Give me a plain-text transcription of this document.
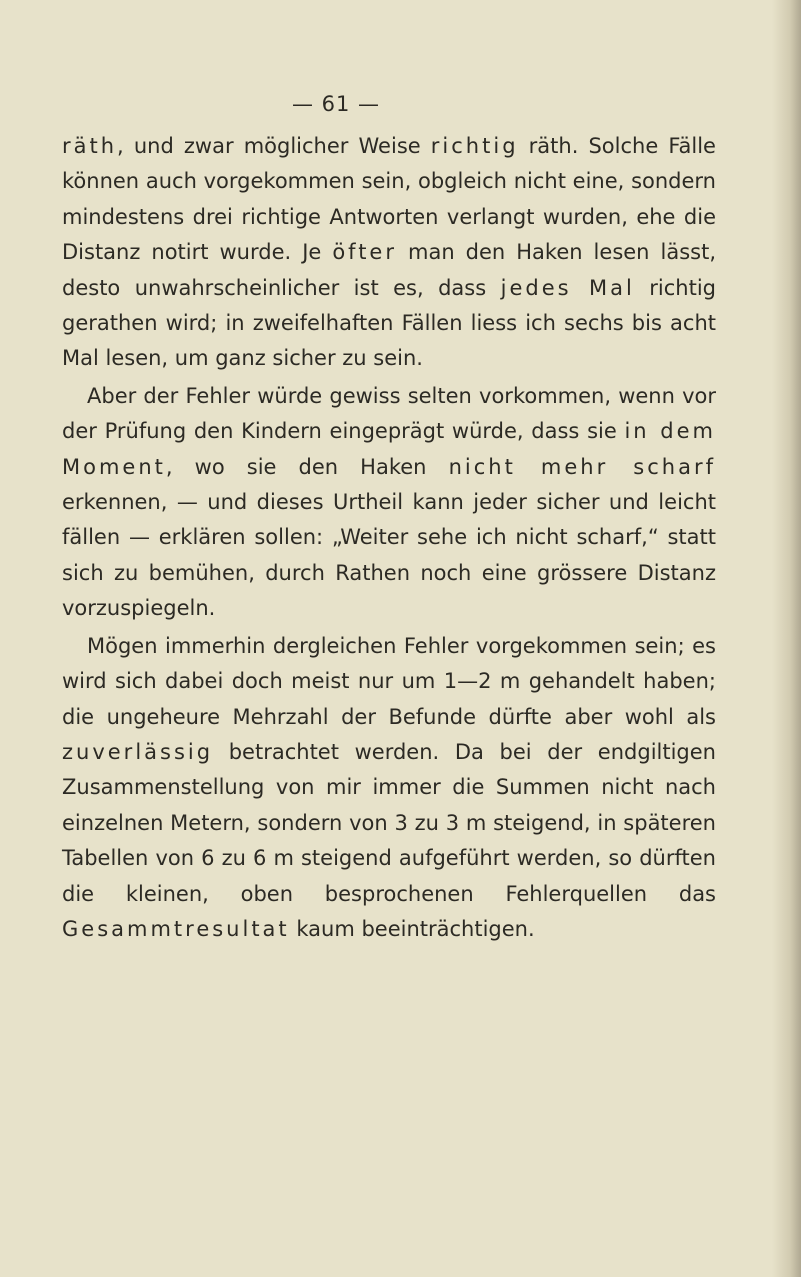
— 61 —

räth, und zwar möglicher Weise richtig räth. Solche Fälle können auch vorgekommen sein, obgleich nicht eine, sondern mindestens drei richtige Antworten verlangt wurden, ehe die Distanz notirt wurde. Je öfter man den Haken lesen lässt, desto unwahrscheinlicher ist es, dass jedes Mal richtig gerathen wird; in zweifelhaften Fällen liess ich sechs bis acht Mal lesen, um ganz sicher zu sein.

Aber der Fehler würde gewiss selten vorkommen, wenn vor der Prüfung den Kindern eingeprägt würde, dass sie in dem Moment, wo sie den Haken nicht mehr scharf erkennen, — und dieses Urtheil kann jeder sicher und leicht fällen — erklären sollen: „Weiter sehe ich nicht scharf,“ statt sich zu bemühen, durch Rathen noch eine grössere Distanz vorzuspiegeln.

Mögen immerhin dergleichen Fehler vorgekommen sein; es wird sich dabei doch meist nur um 1—2 m gehandelt haben; die ungeheure Mehrzahl der Befunde dürfte aber wohl als zuverlässig betrachtet werden. Da bei der endgiltigen Zusammenstellung von mir immer die Summen nicht nach einzelnen Metern, sondern von 3 zu 3 m steigend, in späteren Tabellen von 6 zu 6 m steigend aufgeführt werden, so dürften die kleinen, oben besprochenen Fehlerquellen das Gesammtresultat kaum beeinträchtigen.
